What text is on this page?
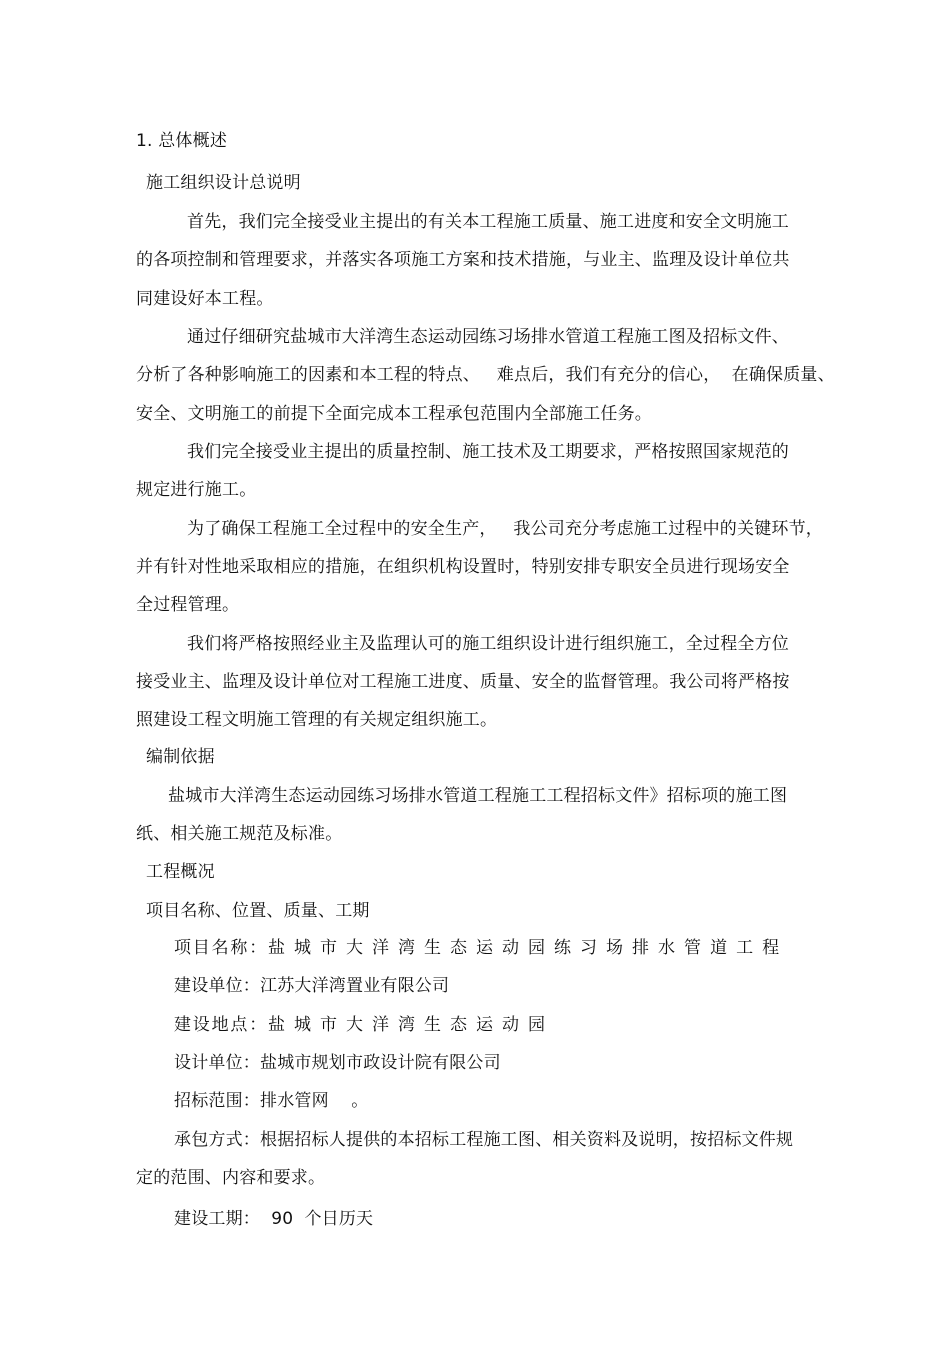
1. 总体概述
施工组织设计总说明
首先，我们完全接受业主提出的有关本工程施工质量、施工进度和安全文明施工
的各项控制和管理要求，并落实各项施工方案和技术措施，与业主、监理及设计单位共
同建设好本工程。
通过仔细研究盐城市大洋湾生态运动园练习场排水管道工程施工图及招标文件、
分析了各种影响施工的因素和本工程的特点、   难点后，我们有充分的信心，  在确保质量、
安全、文明施工的前提下全面完成本工程承包范围内全部施工任务。
我们完全接受业主提出的质量控制、施工技术及工期要求，严格按照国家规范的
规定进行施工。
为了确保工程施工全过程中的安全生产，   我公司充分考虑施工过程中的关键环节，
并有针对性地采取相应的措施，在组织机构设置时，特别安排专职安全员进行现场安全
全过程管理。
我们将严格按照经业主及监理认可的施工组织设计进行组织施工，全过程全方位
接受业主、监理及设计单位对工程施工进度、质量、安全的监督管理。我公司将严格按
照建设工程文明施工管理的有关规定组织施工。
编制依据
盐城市大洋湾生态运动园练习场排水管道工程施工工程招标文件》招标项的施工图
纸、相关施工规范及标准。
工程概况
项目名称、位置、质量、工期
项目名称：盐 城 市 大 洋 湾 生 态 运 动 园 练 习 场 排 水 管 道 工 程
建设单位：江苏大洋湾置业有限公司
建设地点：盐 城 市 大 洋 湾 生 态 运 动 园
设计单位：盐城市规划市政设计院有限公司
招标范围：排水管网    。
承包方式：根据招标人提供的本招标工程施工图、相关资料及说明，按招标文件规
定的范围、内容和要求。
建设工期：  90  个日历天
